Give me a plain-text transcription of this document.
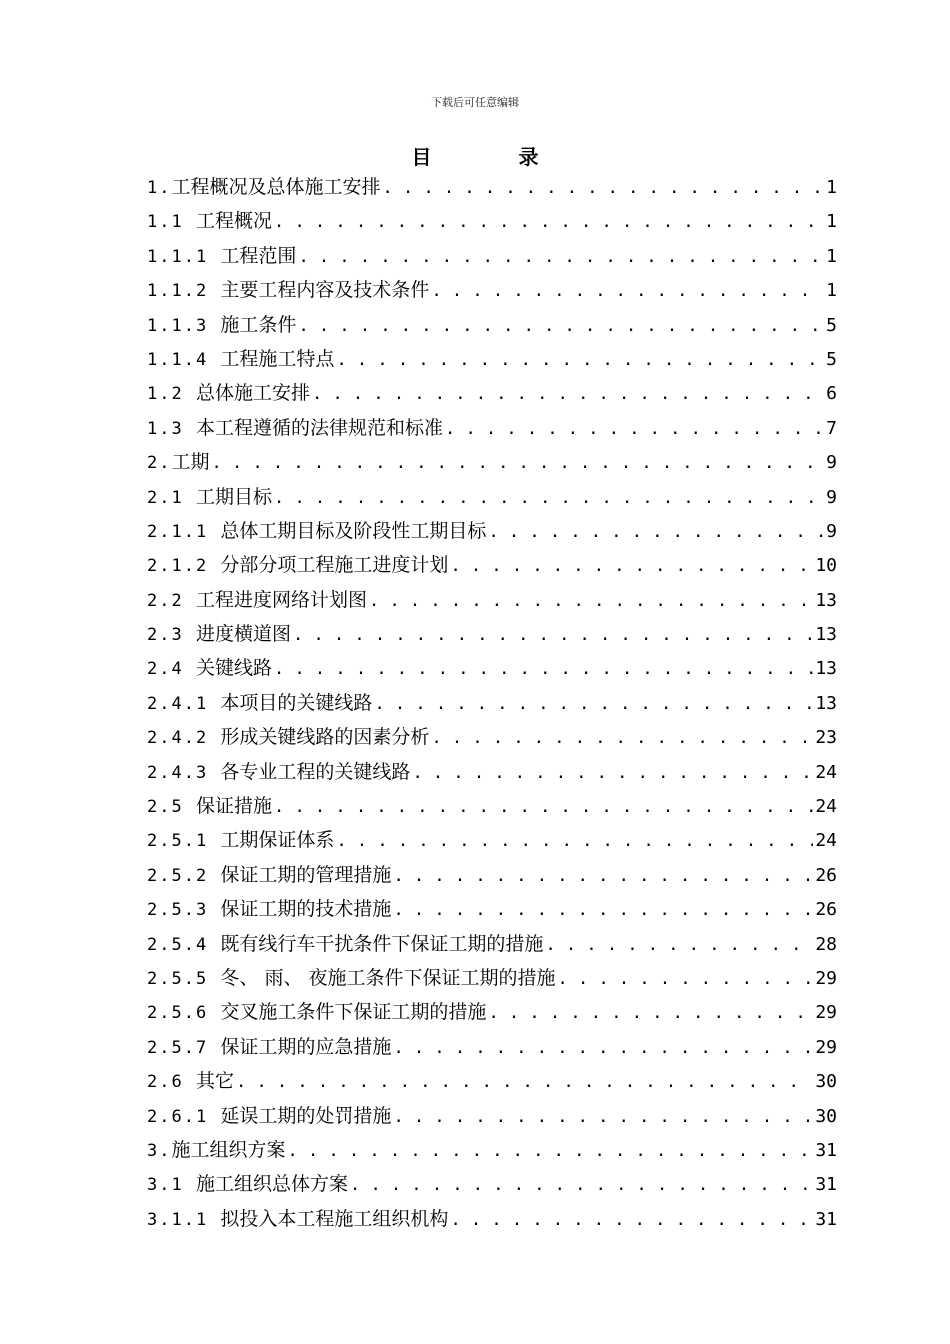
下载后可任意编辑
目 录
1. 工程概况及总体施工安排 . . .	1
1.1 工程概况 . . .	1
1.1.1 工程范围 . . .	1
1.1.2 主要工程内容及技术条件 . . .	1
1.1.3 施工条件 . . .	5
1.1.4 工程施工特点 . . .	5
1.2 总体施工安排 . . .	6
1.3 本工程遵循的法律规范和标准 . . .	7
2. 工期 . . .	9
2.1 工期目标 . . .	9
2.1.1 总体工期目标及阶段性工期目标 . . .	9
2.1.2 分部分项工程施工进度计划 . . .	10
2.2 工程进度网络计划图 . . .	13
2.3 进度横道图 . . .	13
2.4 关键线路 . . .	13
2.4.1 本项目的关键线路 . . .	13
2.4.2 形成关键线路的因素分析 . . .	23
2.4.3 各专业工程的关键线路 . . .	24
2.5 保证措施 . . .	24
2.5.1 工期保证体系 . . .	24
2.5.2 保证工期的管理措施 . . .	26
2.5.3 保证工期的技术措施 . . .	26
2.5.4 既有线行车干扰条件下保证工期的措施 . . .	28
2.5.5 冬、 雨、 夜施工条件下保证工期的措施 . . .	29
2.5.6 交叉施工条件下保证工期的措施 . . .	29
2.5.7 保证工期的应急措施 . . .	29
2.6 其它 . . .	30
2.6.1 延误工期的处罚措施 . . .	30
3. 施工组织方案 . . .	31
3.1 施工组织总体方案 . . .	31
3.1.1 拟投入本工程施工组织机构 . . .	31
